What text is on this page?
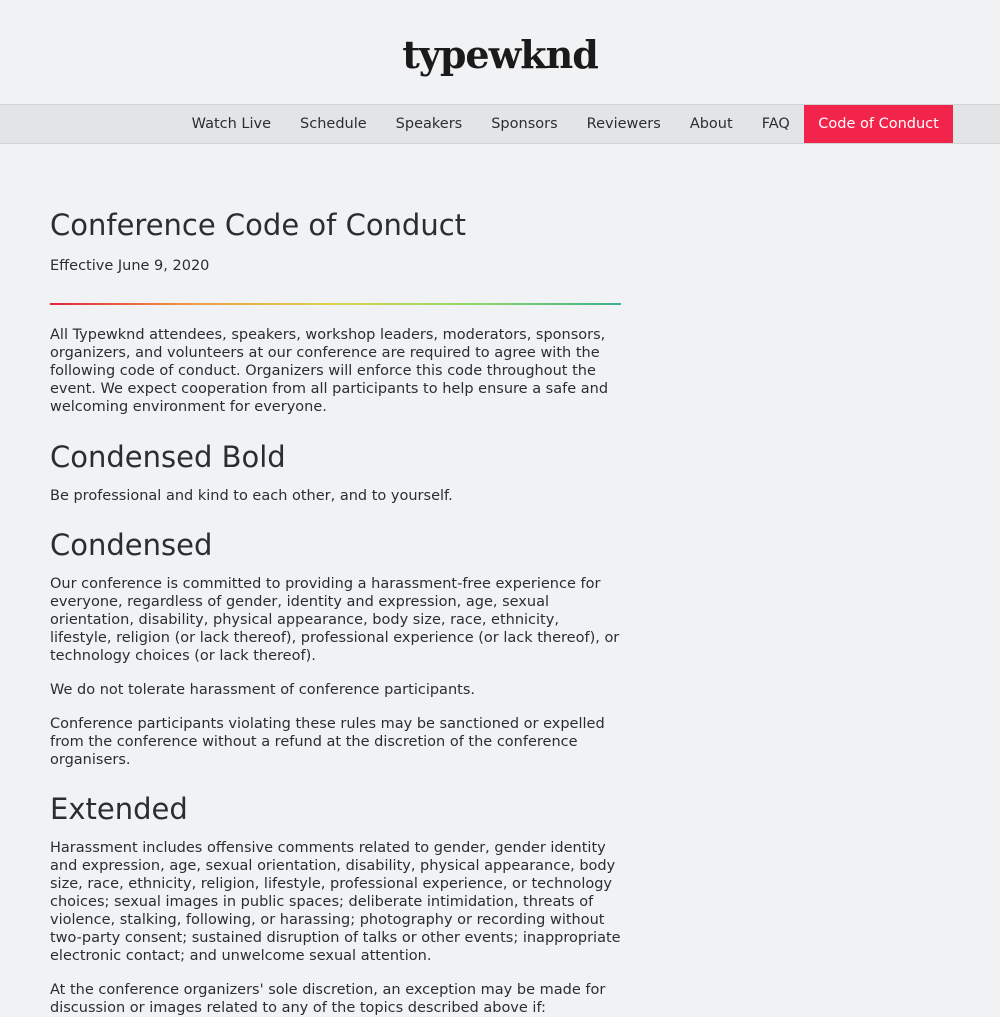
typewknd
Watch Live	Schedule	Speakers	Sponsors	Reviewers	About	FAQ	Code of Conduct
Conference Code of Conduct

Effective June 9, 2020

All Typewknd attendees, speakers, workshop leaders, moderators, sponsors, organizers, and volunteers at our conference are required to agree with the following code of conduct. Organizers will enforce this code throughout the event. We expect cooperation from all participants to help ensure a safe and welcoming environment for everyone.

Condensed Bold

Be professional and kind to each other, and to yourself.

Condensed

Our conference is committed to providing a harassment-free experience for everyone, regardless of gender, identity and expression, age, sexual orientation, disability, physical appearance, body size, race, ethnicity, lifestyle, religion (or lack thereof), professional experience (or lack thereof), or technology choices (or lack thereof).

We do not tolerate harassment of conference participants.

Conference participants violating these rules may be sanctioned or expelled from the conference without a refund at the discretion of the conference organisers.

Extended

Harassment includes offensive comments related to gender, gender identity and expression, age, sexual orientation, disability, physical appearance, body size, race, ethnicity, religion, lifestyle, professional experience, or technology choices; sexual images in public spaces; deliberate intimidation, threats of violence, stalking, following, or harassing; photography or recording without two-party consent; sustained disruption of talks or other events; inappropriate electronic contact; and unwelcome sexual attention.

At the conference organizers' sole discretion, an exception may be made for discussion or images related to any of the topics described above if:
